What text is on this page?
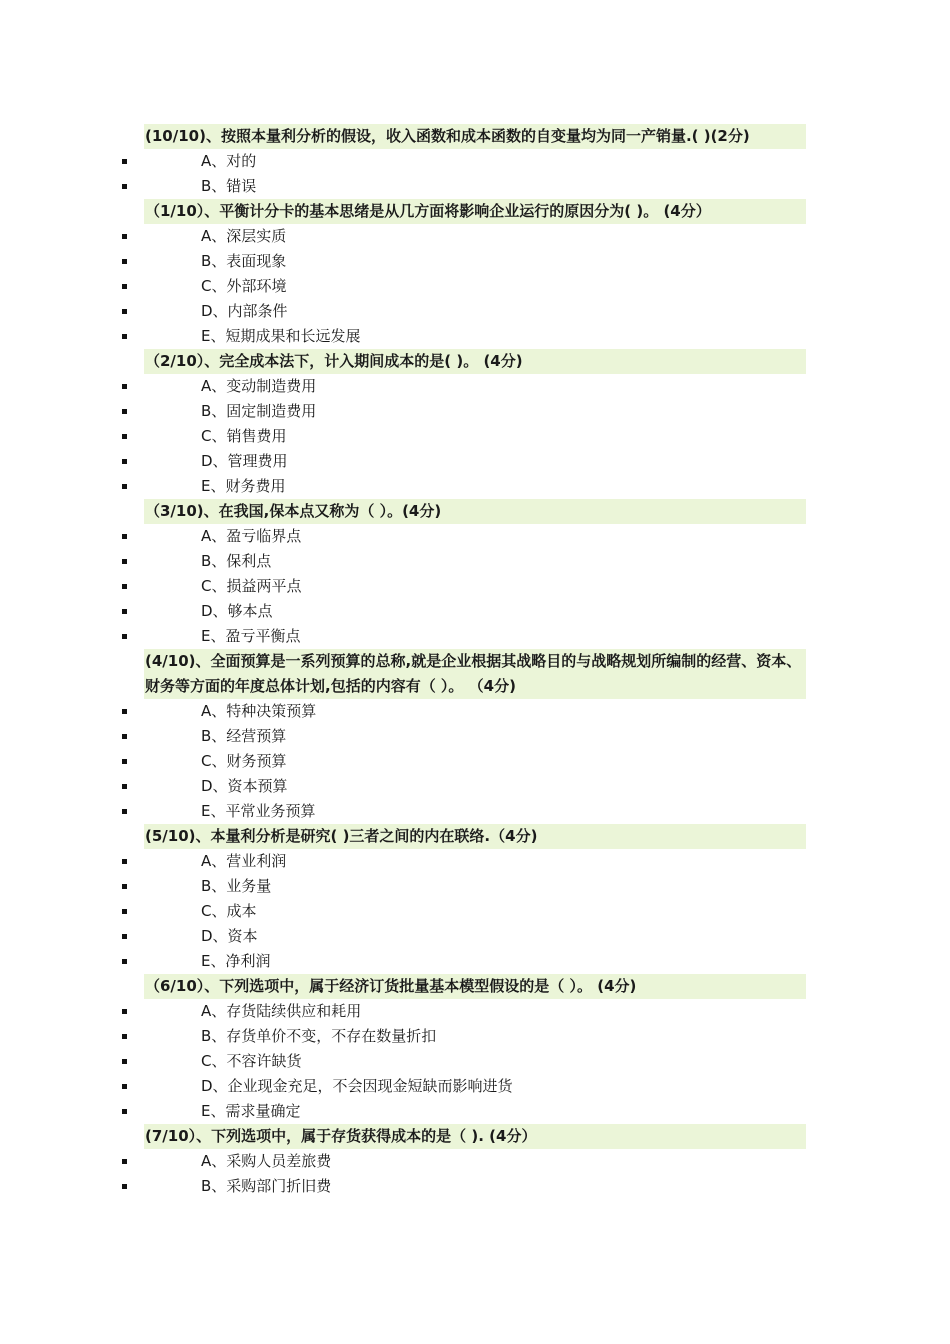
(10/10)、按照本量利分析的假设，收入函数和成本函数的自变量均为同一产销量.( )(2分)
A、对的
B、错误
（1/10）、平衡计分卡的基本思绪是从几方面将影响企业运行的原因分为( )。 (4分）
A、深层实质
B、表面现象
C、外部环境
D、内部条件
E、短期成果和长远发展
（2/10）、完全成本法下，计入期间成本的是( )。 (4分)
A、变动制造费用
B、固定制造费用
C、销售费用
D、管理费用
E、财务费用
（3/10)、在我国,保本点又称为（ ）。(4分)
A、盈亏临界点
B、保利点
C、损益两平点
D、够本点
E、盈亏平衡点
(4/10)、全面预算是一系列预算的总称,就是企业根据其战略目的与战略规划所编制的经营、资本、财务等方面的年度总体计划,包括的内容有（ ）。 （4分)
A、特种决策预算
B、经营预算
C、财务预算
D、资本预算
E、平常业务预算
(5/10)、本量利分析是研究( )三者之间的内在联络.（4分)
A、营业利润
B、业务量
C、成本
D、资本
E、净利润
（6/10）、下列选项中，属于经济订货批量基本模型假设的是（ ）。 (4分)
A、存货陆续供应和耗用
B、存货单价不变，不存在数量折扣
C、不容许缺货
D、企业现金充足，不会因现金短缺而影响进货
E、需求量确定
(7/10）、下列选项中，属于存货获得成本的是（ ). (4分）
A、采购人员差旅费
B、采购部门折旧费
